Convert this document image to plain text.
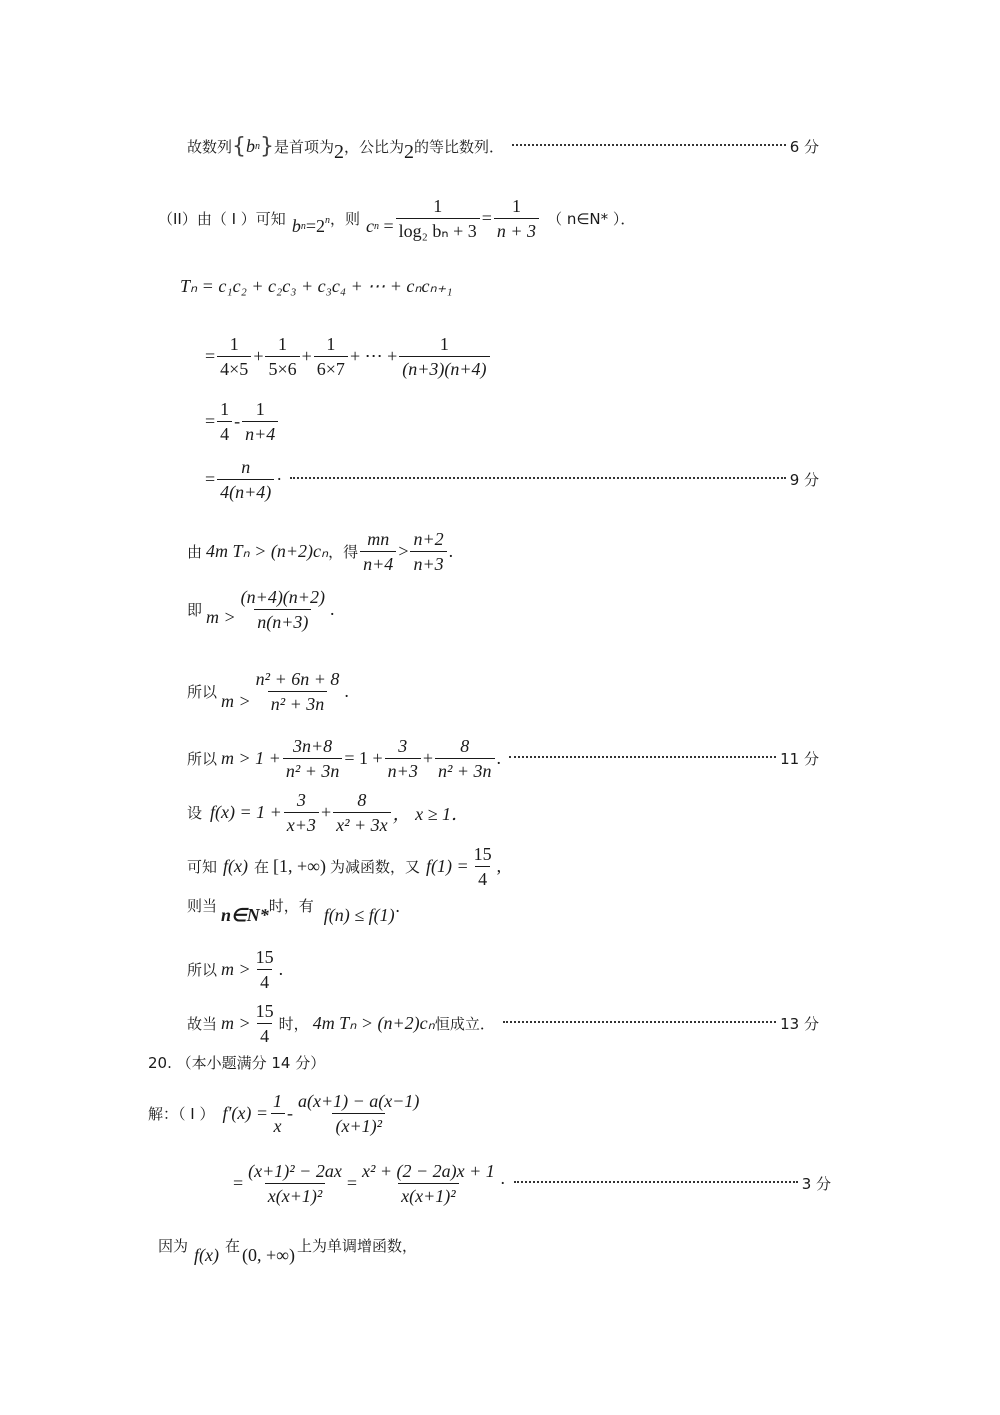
故数列 { b n } 是首项为 2 ，公比为 2 的等比数列．	6 分
（II）由（ I ）可知 $b_n =2^n$ ，则 $c_n = \frac{1}{\text{log₂ bₙ + 3}} = \frac{1}{n + 3}$ （ n∈N* ）．
Tₙ = c₁c₂ + c₂c₃ + c₃c₄ + ⋯ + cₙcₙ₊₁
= $\frac{1}{4\times 5} + \frac{1}{5\times 6} + \frac{1}{6\times 7}$ + ⋯ + $\frac{1}{(n+3)(n+4)}$
= $\frac{1}{4} - \frac{1}{n+4}$
= $\frac{n}{4(n+4)}$ ·	9 分
由 4m Tₙ > (n+2)cₙ ，得 $\frac{mn}{n+4} > \frac{n+2}{n+3}$ .
即 $m > \frac{(n+4)(n+2)}{n(n+3)}$ .
所以 $m > \frac{\text{n² + 6n + 8}}{\text{n² + 3n}}$ .
所以 $m > 1 + \frac{3n+8}{\text{n² + 3n}} = 1 + \frac{3}{n+3} + \frac{8}{\text{n² + 3n}}$ .	11 分
设 $f(x) = 1 + \frac{3}{x+3} + \frac{8}{\text{x² + 3x}}$ ， x ≥ 1．
可知 f(x) 在 [1, +∞) 为减函数，又 $f(1) = \frac{15}{4}$ ,
则当 n∈N* 时，有 f(n) ≤ f(1) ·
所以 $m > \frac{15}{4}$ .
故当 $m > \frac{15}{4}$ 时， 4m Tₙ > (n+2)cₙ 恒成立．	13 分
20. （本小题满分 14 分）
解：（ I ） $f'(x) = \frac{1}{x} - \frac{a(x+1) - a(x-1)}{\text{(x+1)²}}$
= $\frac{\text{(x+1)² − 2ax}}{\text{x(x+1)²}} = \frac{\text{x² + (2 − 2a)x + 1}}{\text{x(x+1)²}}$ ·	3 分
因为 f(x) 在 (0, +∞) 上为单调增函数，
